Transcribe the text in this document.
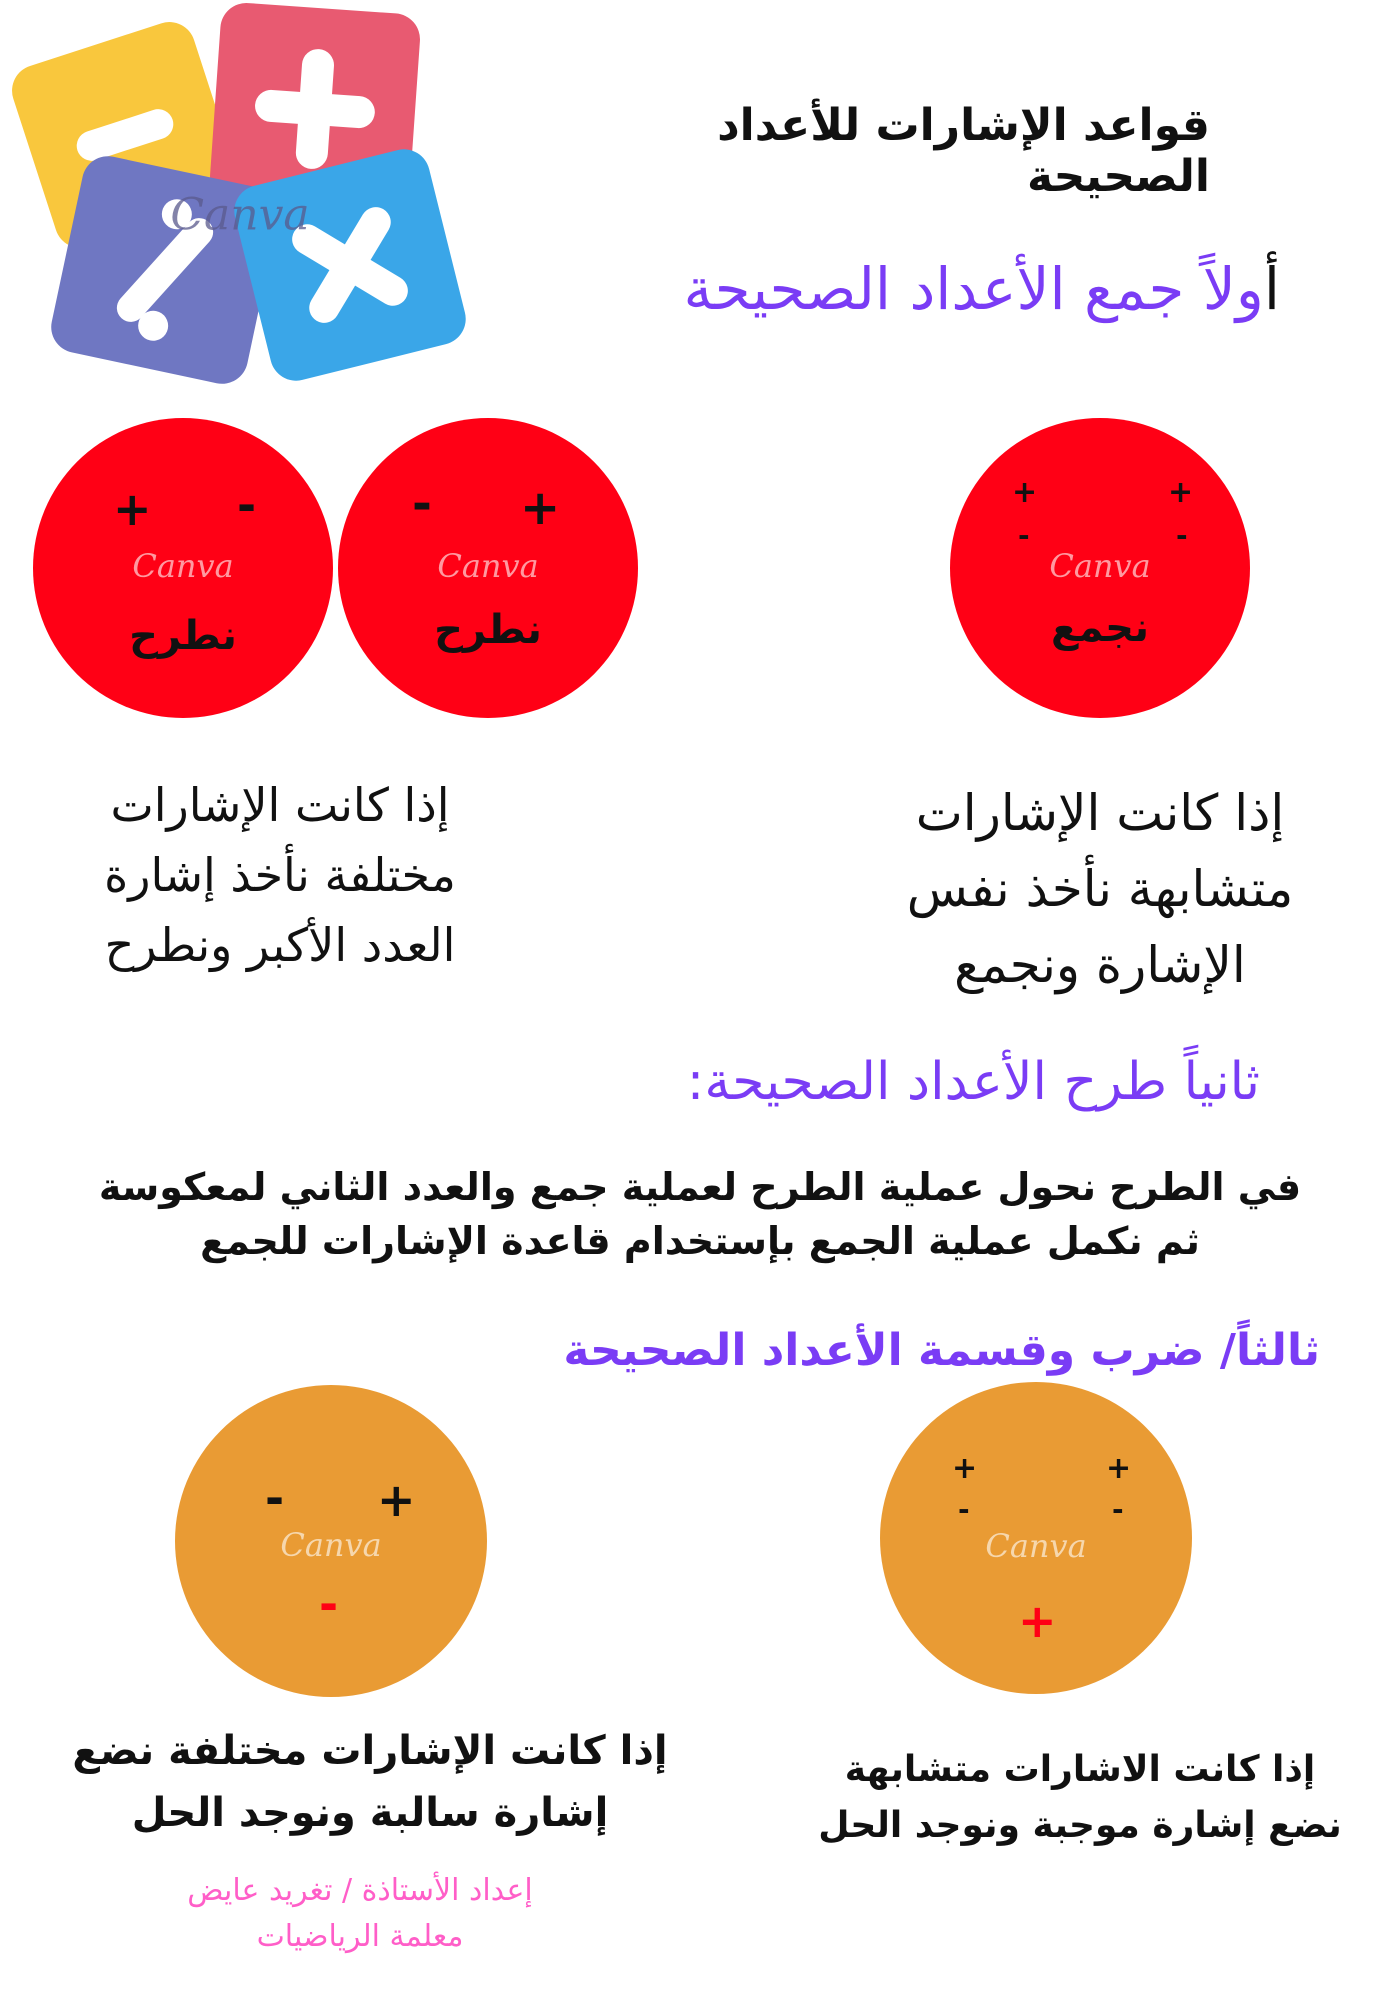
Canva
قواعد الإشارات للأعداد الصحيحة
أولاً جمع الأعداد الصحيحة
+	+
-	-
Canva
نجمع
+
-
Canva
نطرح
+ -
Canva
نطرح
إذا كانت الإشارات
متشابهة نأخذ نفس
الإشارة ونجمع
إذا كانت الإشارات
مختلفة نأخذ إشارة
العدد الأكبر ونطرح
ثانياً طرح الأعداد الصحيحة:
في الطرح نحول عملية الطرح لعملية جمع والعدد الثاني لمعكوسة
ثم نكمل عملية الجمع بإستخدام قاعدة الإشارات للجمع
ثالثاً/ ضرب وقسمة الأعداد الصحيحة
+	+
-	-
Canva
+
- +
Canva
-
إذا كانت الاشارات متشابهة
نضع إشارة موجبة ونوجد الحل
إذا كانت الإشارات مختلفة نضع
إشارة سالبة ونوجد الحل
إعداد الأستاذة / تغريد عايض
معلمة الرياضيات
